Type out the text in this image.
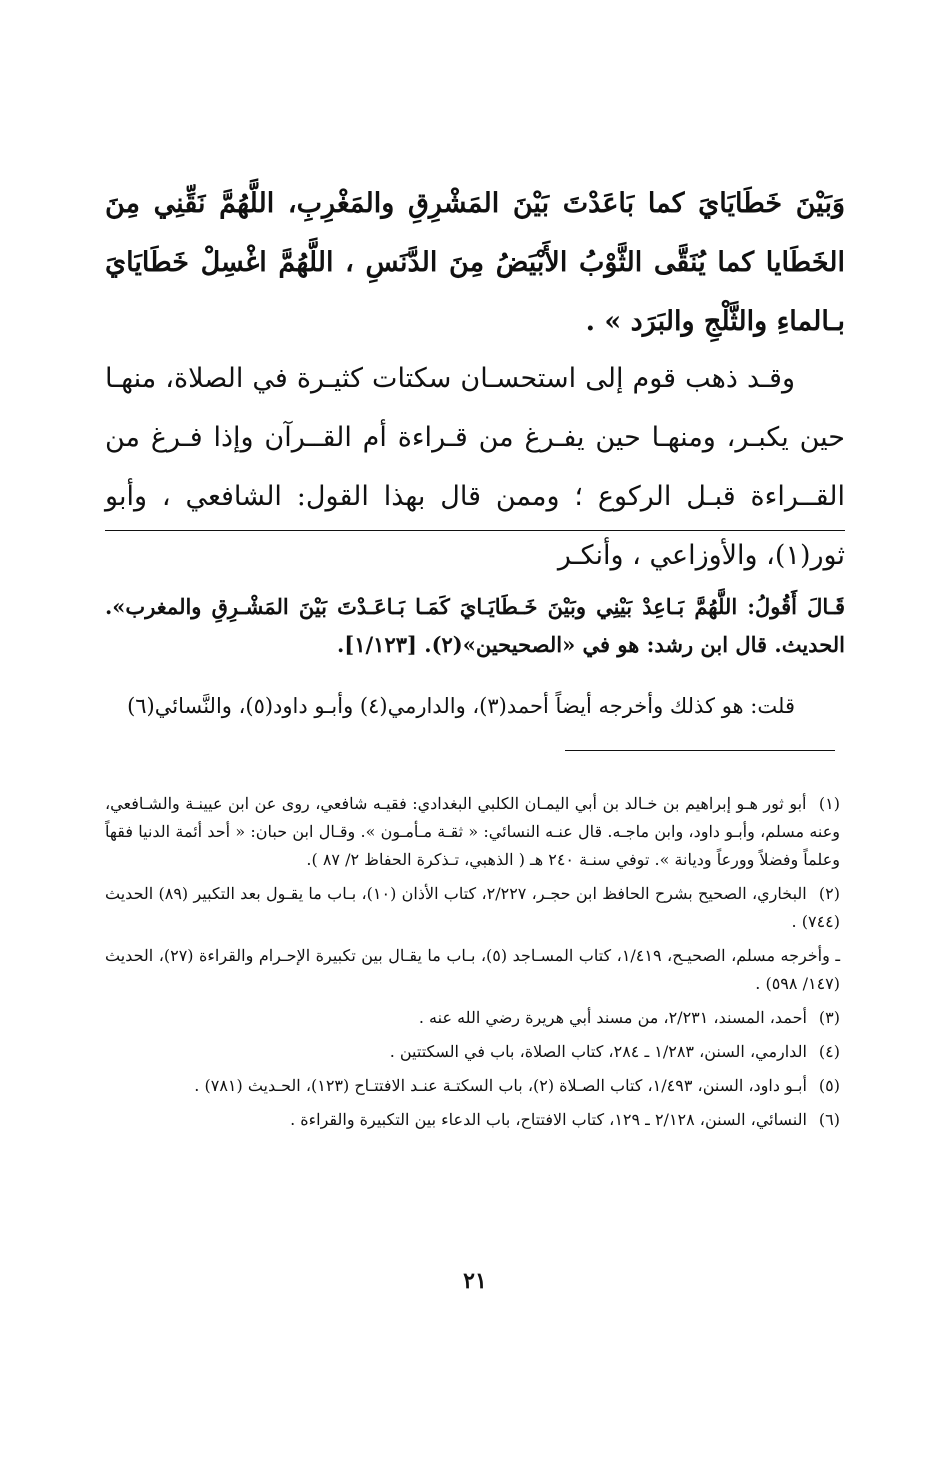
وَبَيْنَ خَطَايَايَ كما بَاعَدْتَ بَيْنَ المَشْرِقِ والمَغْرِبِ، اللَّهُمَّ نَقِّنِي مِنَ الخَطَايا كما يُنَقَّى الثَّوْبُ الأَبْيَضُ مِنَ الدَّنَسِ ، اللَّهُمَّ اغْسِلْ خَطَايَايَ بـالماءِ والثَّلْجِ والبَرَد » .

وقـد ذهب قوم إلى استحسـان سكتات كثيـرة في الصلاة، منهـا حين يكبـر، ومنهـا حين يفـرغ من قـراءة أم القــرآن وإذا فـرغ من القــراءة قبـل الركوع ؛ وممن قال بهذا القول: الشافعي ، وأبو ثور(١)، والأوزاعي ، وأنكـر

قَـالَ أَقُولُ: اللَّهُمَّ بَـاعِدْ بَيْنِي وبَيْنَ خَـطَايَـايَ كَمَـا بَـاعَـدْتَ بَيْنَ المَشْـرِقِ والمغرب». الحديث. قال ابن رشد: هو في «الصحيحين»(٢). [١/١٢٣].

قلت: هو كذلك وأخرجه أيضاً أحمد(٣)، والدارمي(٤) وأبـو داود(٥)، والنَّسائي(٦)

(١) أبو ثور هـو إبراهيم بن خـالد بن أبي اليمـان الكلبي البغدادي: فقيـه شافعي، روى عن ابن عيينـة والشـافعي، وعنه مسلم، وأبـو داود، وابن ماجـه. قال عنـه النسائي: « ثقـة مـأمـون ». وقـال ابن حبان: « أحد أئمة الدنيا فقهاً وعلماً وفضلاً وورعاً وديانة ». توفي سنـة ٢٤٠ هـ ( الذهبي، تـذكرة الحفاظ ٢/ ٨٧ ).

(٢) البخاري، الصحيح بشرح الحافظ ابن حجـر، ٢/٢٢٧، كتاب الأذان (١٠)، بـاب ما يقـول بعد التكبير (٨٩) الحديث (٧٤٤) .

ـ وأخرجه مسلم، الصحيـح، ١/٤١٩، كتاب المسـاجد (٥)، بـاب ما يقـال بين تكبيرة الإحـرام والقراءة (٢٧)، الحديث (١٤٧/ ٥٩٨) .

(٣) أحمد، المسند، ٢/٢٣١، من مسند أبي هريرة رضي الله عنه .

(٤) الدارمي، السنن، ١/٢٨٣ ـ ٢٨٤، كتاب الصلاة، باب في السكتتين .

(٥) أبـو داود، السنن، ١/٤٩٣، كتاب الصـلاة (٢)، باب السكتـة عنـد الافتتـاح (١٢٣)، الحـديث (٧٨١) .

(٦) النسائي، السنن، ٢/١٢٨ ـ ١٢٩، كتاب الافتتاح، باب الدعاء بين التكبيرة والقراءة .

٢١
